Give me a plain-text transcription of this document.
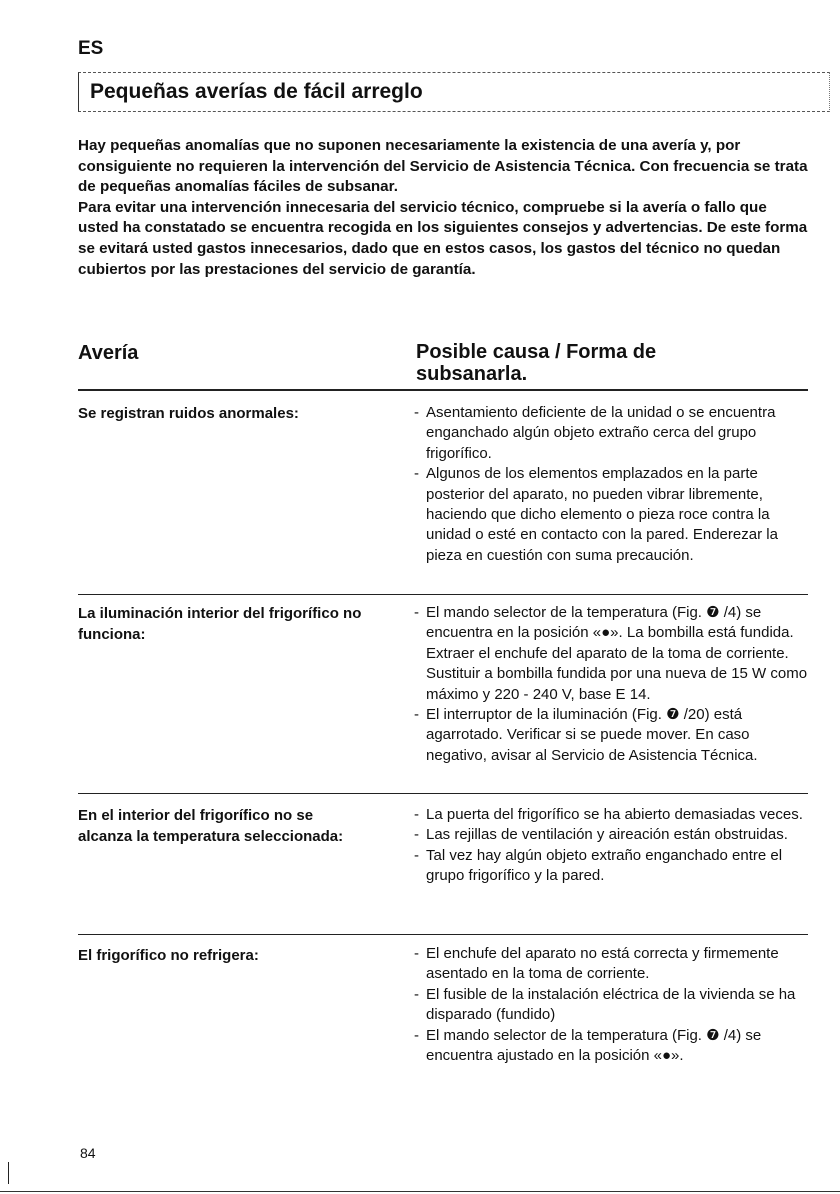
ES
Pequeñas averías de fácil arreglo

Hay pequeñas anomalías que no suponen necesariamente la existencia de una avería y, por consiguiente no requieren la intervención del Servicio de Asistencia Técnica. Con frecuencia se trata de pequeñas anomalías fáciles de subsanar.

Para evitar una intervención innecesaria del servicio técnico, compruebe si la avería o fallo que usted ha constatado se encuentra recogida en los siguientes consejos y advertencias. De este forma se evitará usted gastos innecesarios, dado que en estos casos, los gastos del técnico no quedan cubiertos por las prestaciones del servicio de garantía.

Avería	Posible causa / Forma de subsanarla.
Se registran ruidos anormales:	- Asentamiento deficiente de la unidad o se encuentra enganchado algún objeto extraño cerca del grupo frigorífico.
- Algunos de los elementos emplazados en la parte posterior del aparato, no pueden vibrar libremente, haciendo que dicho elemento o pieza roce contra la unidad o esté en contacto con la pared. Enderezar la pieza en cuestión con suma precaución.
La iluminación interior del frigorífico no funciona:
- El mando selector de la temperatura (Fig. ❼ /4) se encuentra en la posición «●». La bombilla está fundida. Extraer el enchufe del aparato de la toma de corriente. Sustituir a bombilla fundida por una nueva de 15 W como máximo y 220 - 240 V, base E 14.
- El interruptor de la iluminación (Fig. ❼ /20) está agarrotado. Verificar si se puede mover. En caso negativo, avisar al Servicio de Asistencia Técnica.
En el interior del frigorífico no se alcanza la temperatura seleccionada:
- La puerta del frigorífico se ha abierto demasiadas veces.
- Las rejillas de ventilación y aireación están obstruidas.
- Tal vez hay algún objeto extraño enganchado entre el grupo frigorífico y la pared.
El frigorífico no refrigera:	- El enchufe del aparato no está correcta y firmemente asentado en la toma de corriente.
- El fusible de la instalación eléctrica de la vivienda se ha disparado (fundido)
- El mando selector de la temperatura (Fig. ❼ /4) se encuentra ajustado en la posición «●».
84
